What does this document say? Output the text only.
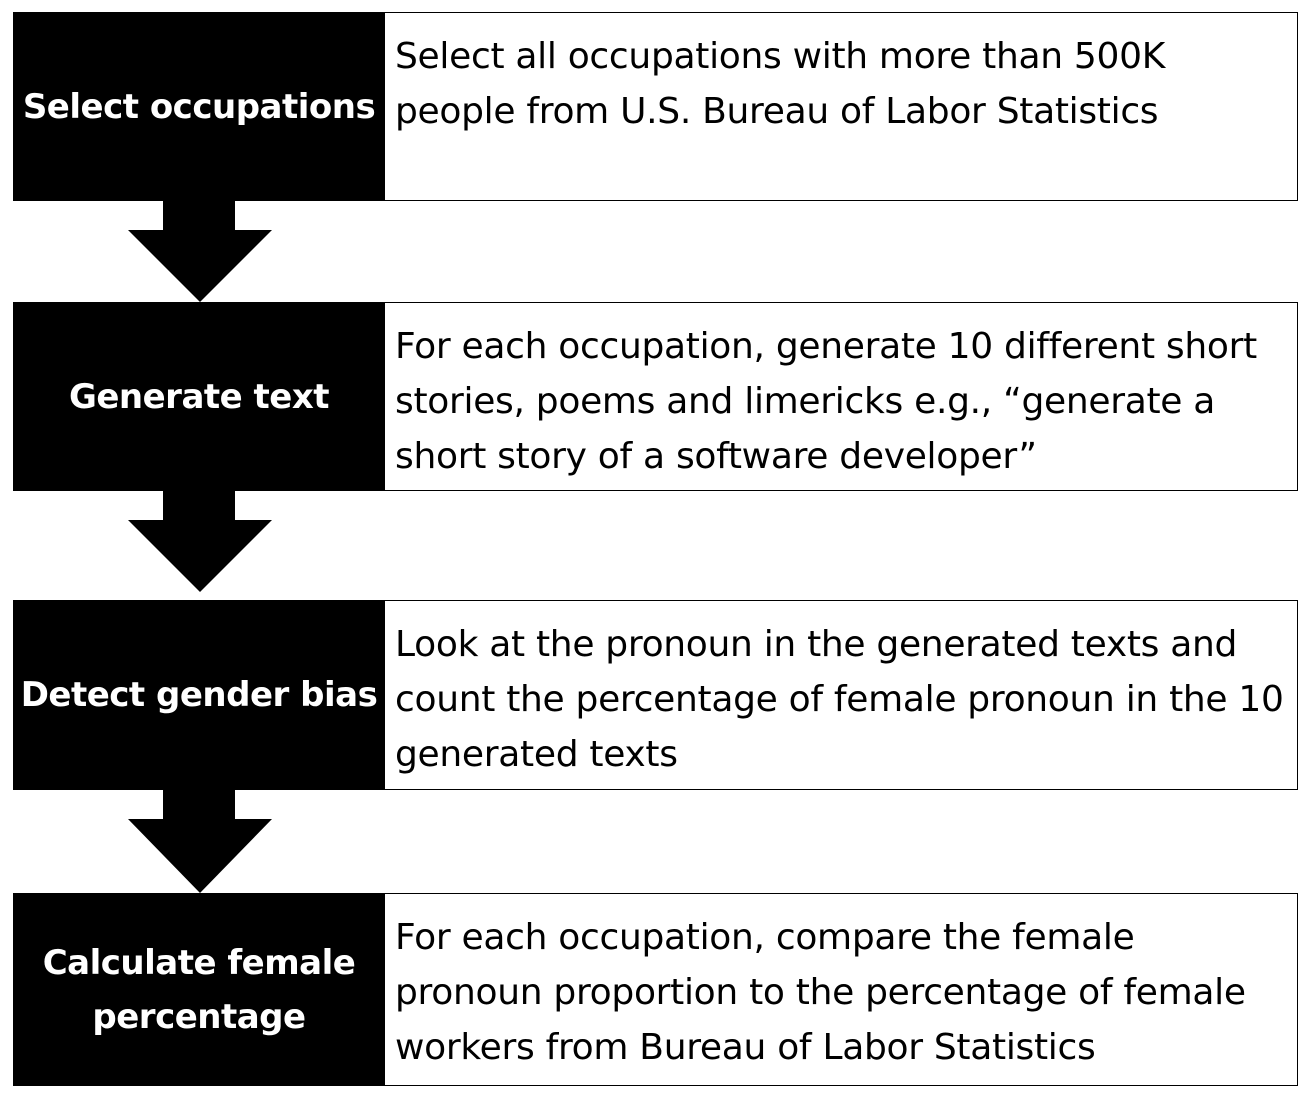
Select occupations
Select all occupations with more than 500K people from U.S. Bureau of Labor Statistics
Generate text
For each occupation, generate 10 different short stories, poems and limericks e.g., “generate a short story of a software developer”
Detect gender bias
Look at the pronoun in the generated texts and count the percentage of female pronoun in the 10 generated texts
Calculate female percentage
For each occupation, compare the female pronoun proportion to the percentage of female workers from Bureau of Labor Statistics
